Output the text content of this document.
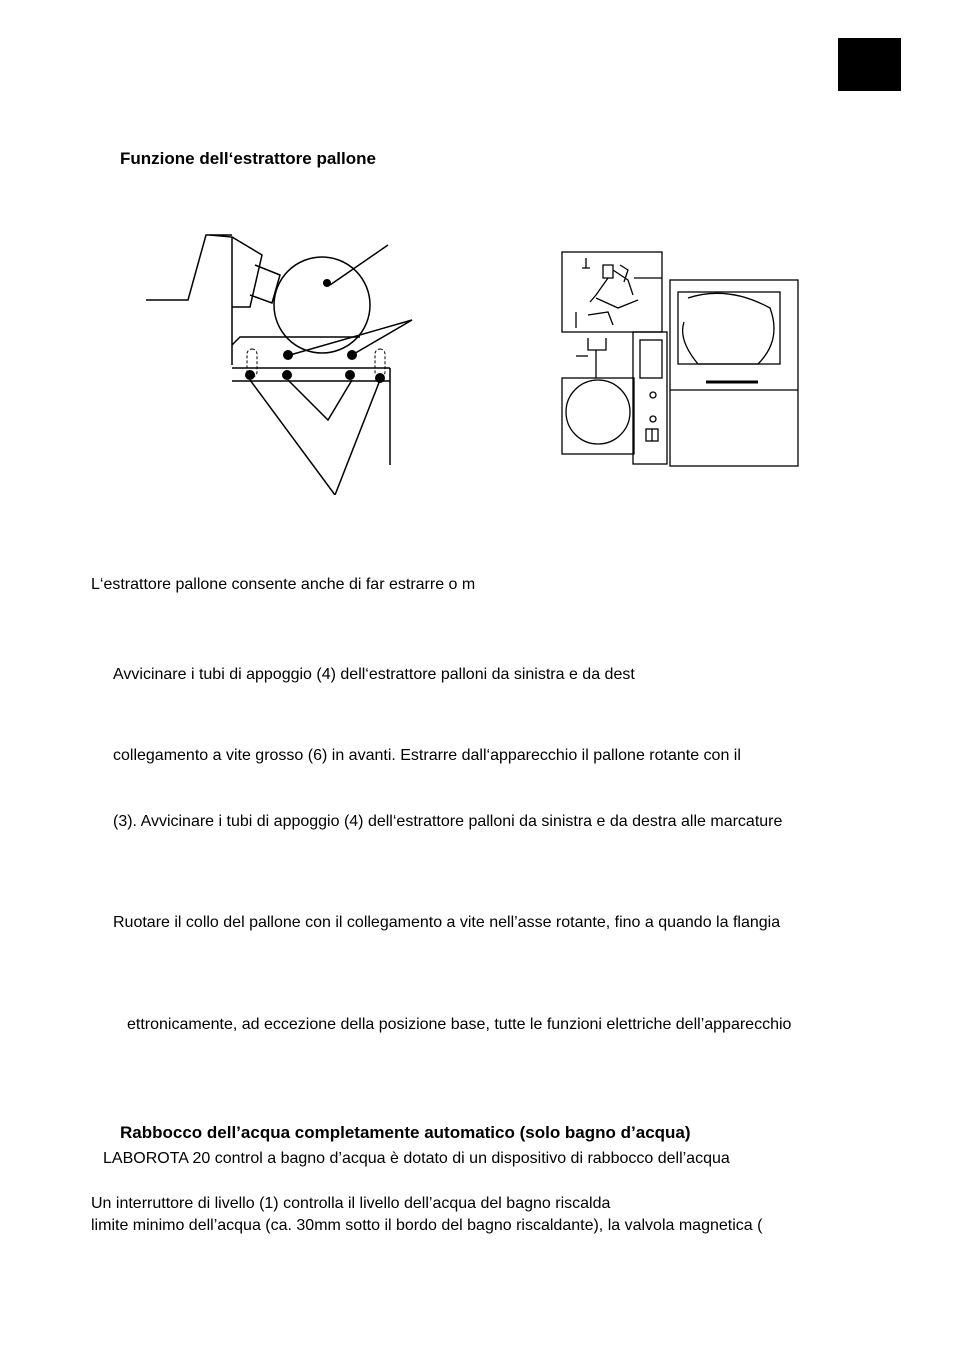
Funzione dell‘estrattore pallone
L‘estrattore pallone consente anche di far estrarre o m
Avvicinare i tubi di appoggio (4) dell‘estrattore palloni da sinistra e da dest
collegamento a vite grosso (6) in avanti. Estrarre dall‘apparecchio il pallone rotante con il
(3). Avvicinare i tubi di appoggio (4) dell‘estrattore palloni da sinistra e da destra alle marcature
Ruotare il collo del pallone con il collegamento a vite nell’asse rotante, fino a quando la flangia
ettronicamente, ad eccezione della posizione base, tutte le funzioni elettriche dell’apparecchio
Rabbocco dell’acqua completamente automatico (solo bagno d’acqua)
LABOROTA 20 control a bagno d’acqua è dotato di un dispositivo di rabbocco dell’acqua
Un interruttore di livello (1) controlla il livello dell’acqua del bagno riscalda
limite minimo dell’acqua (ca. 30mm sotto il bordo del bagno riscaldante), la valvola magnetica (
